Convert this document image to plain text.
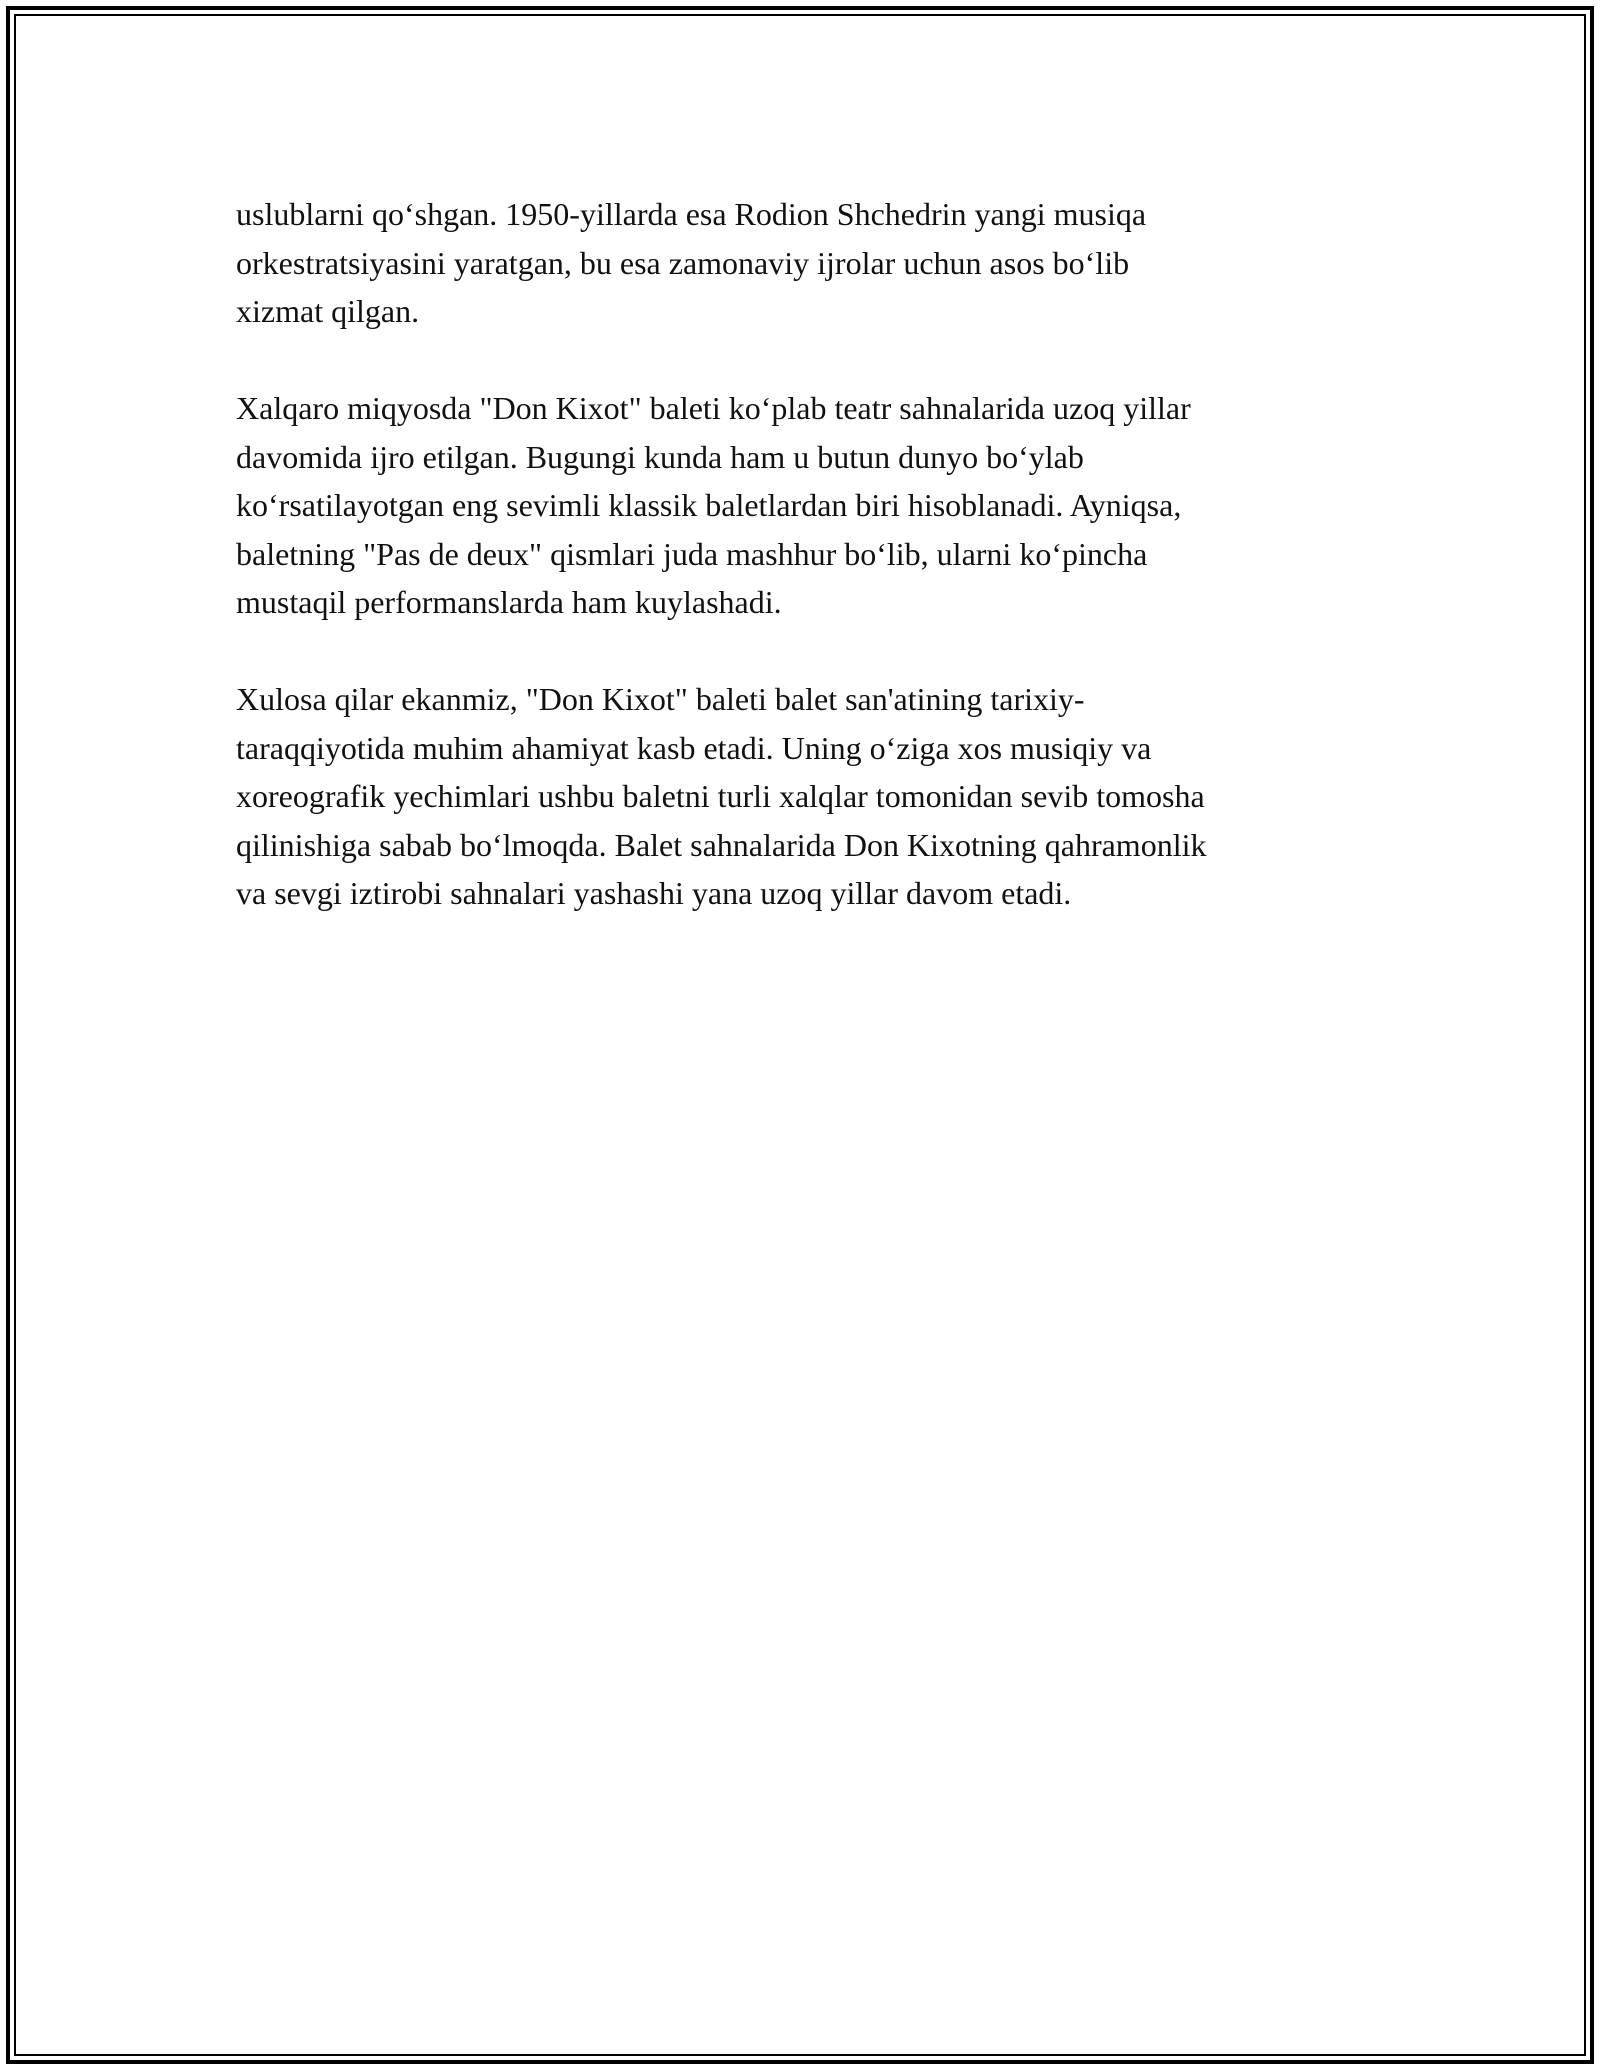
uslublarni qo‘shgan. 1950-yillarda esa Rodion Shchedrin yangi musiqa
orkestratsiyasini yaratgan, bu esa zamonaviy ijrolar uchun asos bo‘lib
xizmat qilgan.

Xalqaro miqyosda "Don Kixot" baleti ko‘plab teatr sahnalarida uzoq yillar
davomida ijro etilgan. Bugungi kunda ham u butun dunyo bo‘ylab
ko‘rsatilayotgan eng sevimli klassik baletlardan biri hisoblanadi. Ayniqsa,
baletning "Pas de deux" qismlari juda mashhur bo‘lib, ularni ko‘pincha
mustaqil performanslarda ham kuylashadi.

Xulosa qilar ekanmiz, "Don Kixot" baleti balet san'atining tarixiy-
taraqqiyotida muhim ahamiyat kasb etadi. Uning o‘ziga xos musiqiy va
xoreografik yechimlari ushbu baletni turli xalqlar tomonidan sevib tomosha
qilinishiga sabab bo‘lmoqda. Balet sahnalarida Don Kixotning qahramonlik
va sevgi iztirobi sahnalari yashashi yana uzoq yillar davom etadi.
